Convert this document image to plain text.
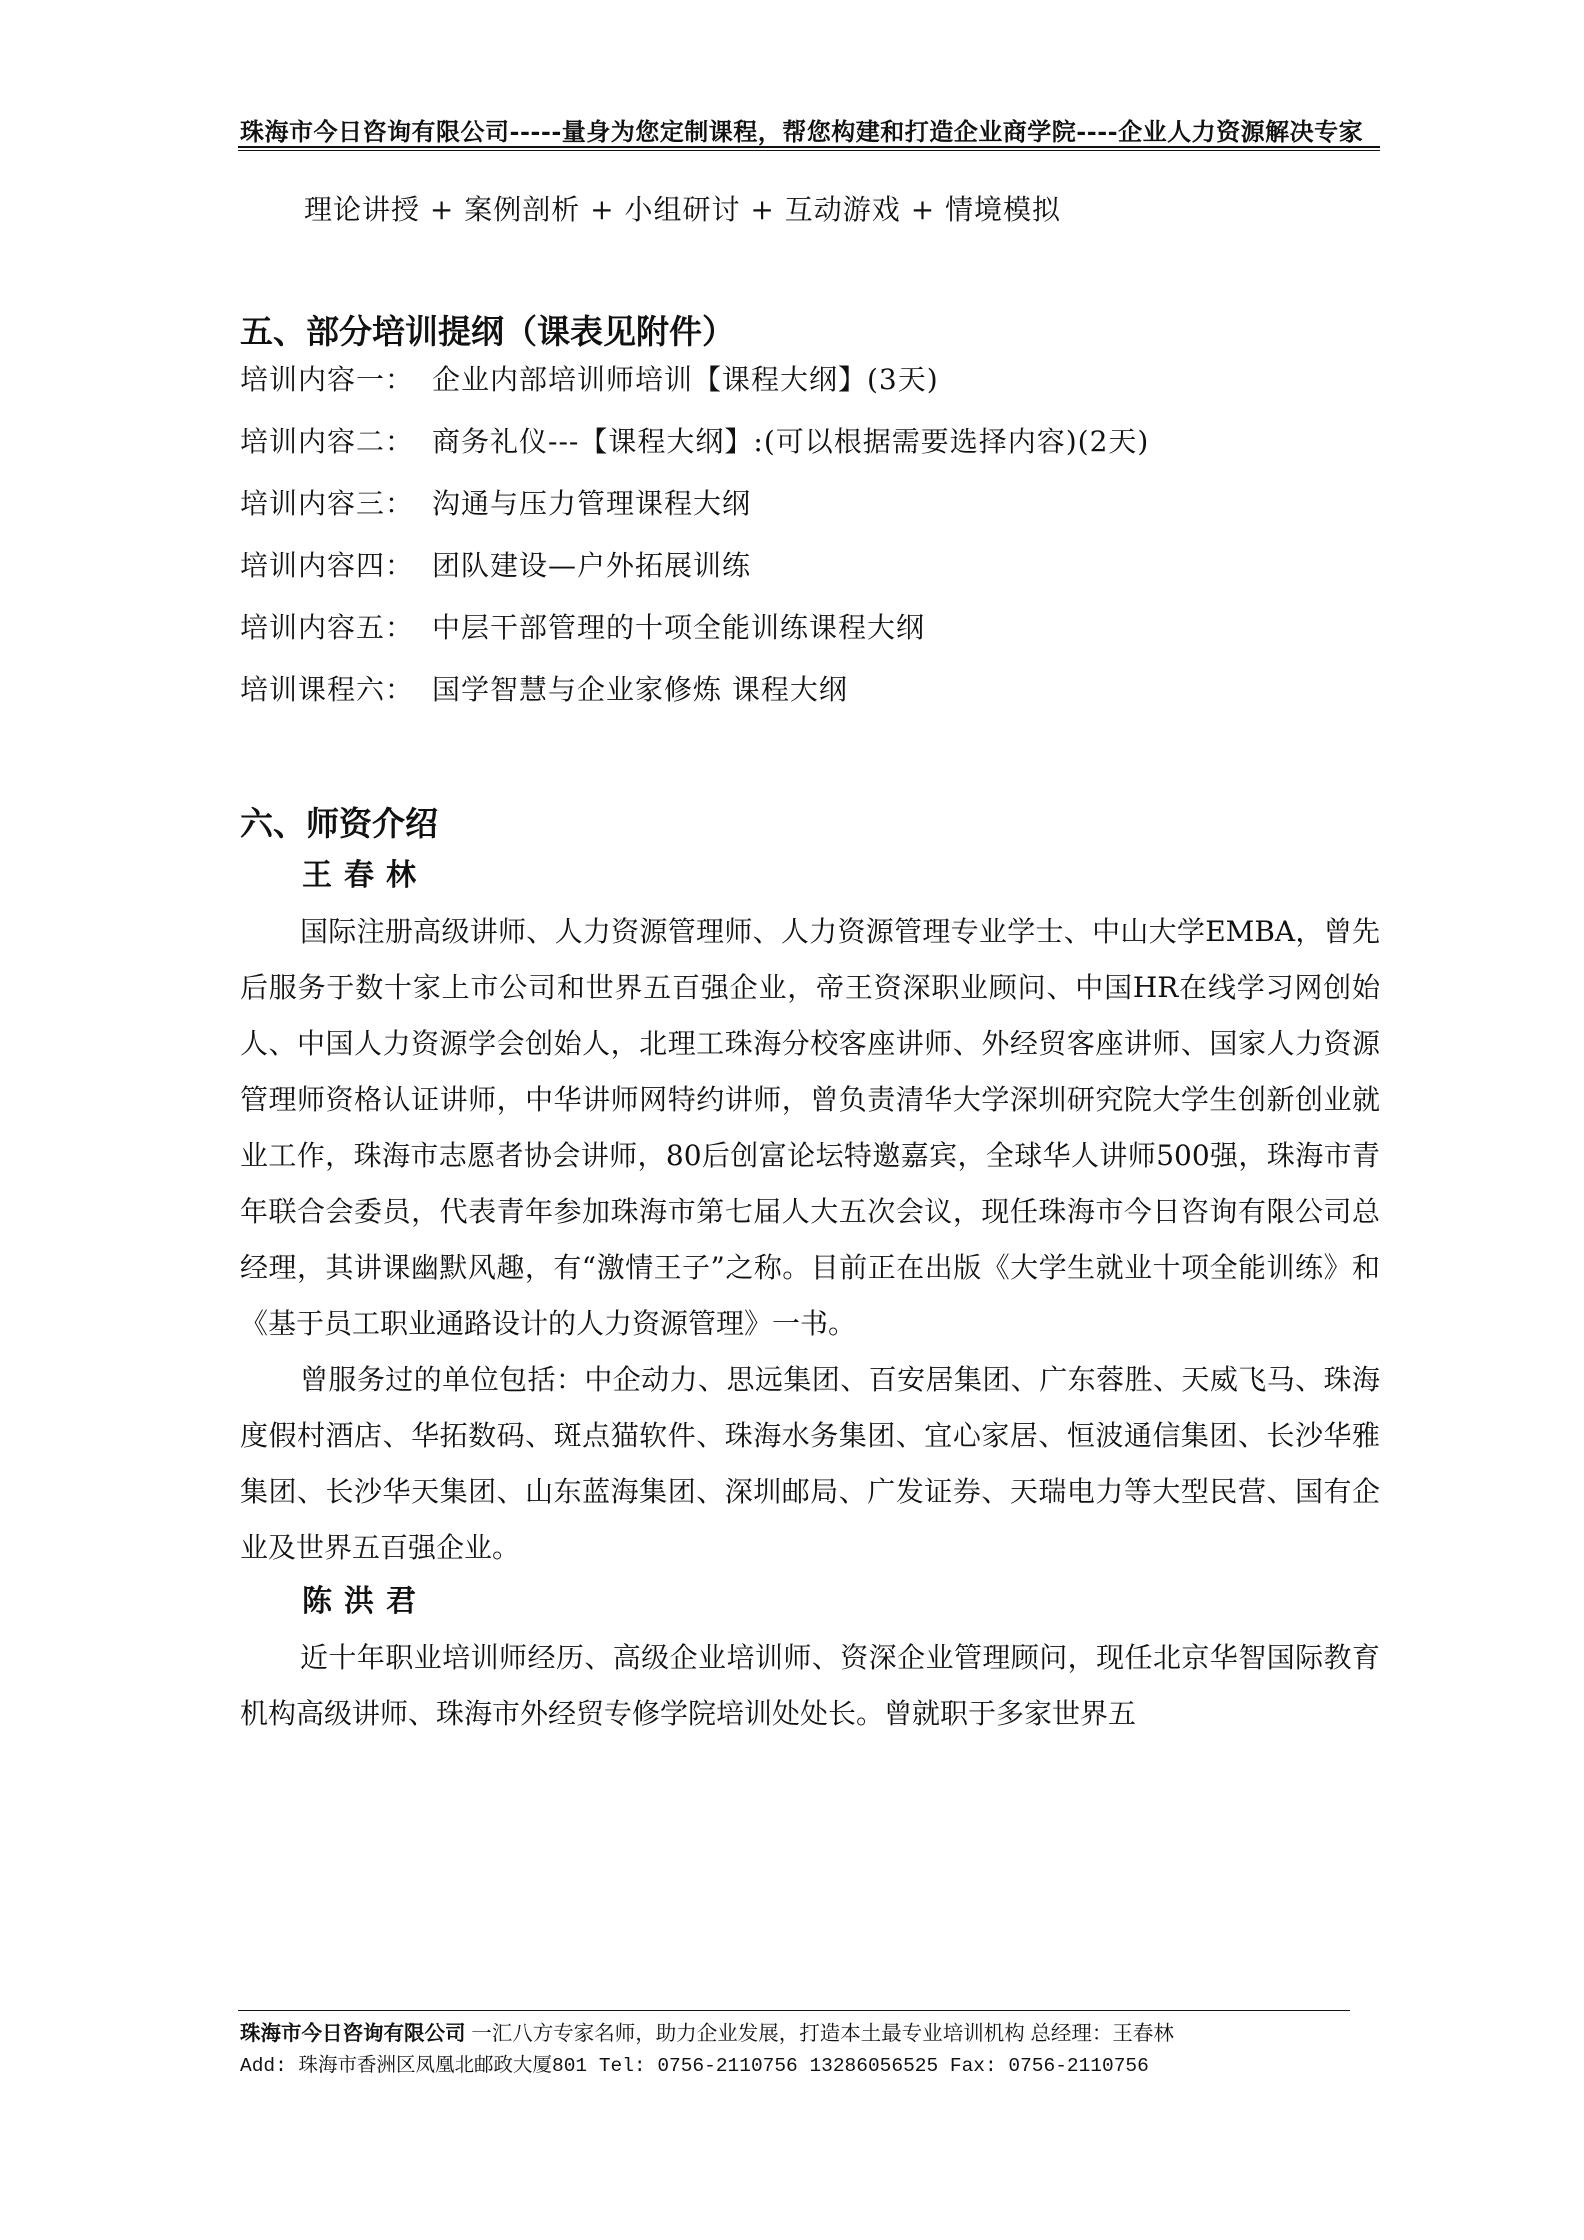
珠海市今日咨询有限公司-----量身为您定制课程，帮您构建和打造企业商学院----企业人力资源解决专家
理论讲授 + 案例剖析 + 小组研讨 + 互动游戏 + 情境模拟
五、部分培训提纲（课表见附件）
培训内容一： 企业内部培训师培训【课程大纲】(3天)
培训内容二： 商务礼仪---【课程大纲】:(可以根据需要选择内容)(2天)
培训内容三： 沟通与压力管理课程大纲
培训内容四： 团队建设—户外拓展训练
培训内容五： 中层干部管理的十项全能训练课程大纲
培训课程六： 国学智慧与企业家修炼 课程大纲
六、师资介绍
王春林

国际注册高级讲师、人力资源管理师、人力资源管理专业学士、中山大学EMBA，曾先后服务于数十家上市公司和世界五百强企业，帝王资深职业顾问、中国HR在线学习网创始人、中国人力资源学会创始人，北理工珠海分校客座讲师、外经贸客座讲师、国家人力资源管理师资格认证讲师，中华讲师网特约讲师，曾负责清华大学深圳研究院大学生创新创业就业工作，珠海市志愿者协会讲师，80后创富论坛特邀嘉宾，全球华人讲师500强，珠海市青年联合会委员，代表青年参加珠海市第七届人大五次会议，现任珠海市今日咨询有限公司总经理，其讲课幽默风趣，有“激情王子”之称。目前正在出版《大学生就业十项全能训练》和《基于员工职业通路设计的人力资源管理》一书。

曾服务过的单位包括：中企动力、思远集团、百安居集团、广东蓉胜、天威飞马、珠海度假村酒店、华拓数码、斑点猫软件、珠海水务集团、宜心家居、恒波通信集团、长沙华雅集团、长沙华天集团、山东蓝海集团、深圳邮局、广发证券、天瑞电力等大型民营、国有企业及世界五百强企业。

陈洪君

近十年职业培训师经历、高级企业培训师、资深企业管理顾问，现任北京华智国际教育机构高级讲师、珠海市外经贸专修学院培训处处长。曾就职于多家世界五

珠海市今日咨询有限公司 一汇八方专家名师，助力企业发展，打造本土最专业培训机构 总经理：王春林
Add: 珠海市香洲区凤凰北邮政大厦801 Tel: 0756-2110756 13286056525 Fax: 0756-2110756
